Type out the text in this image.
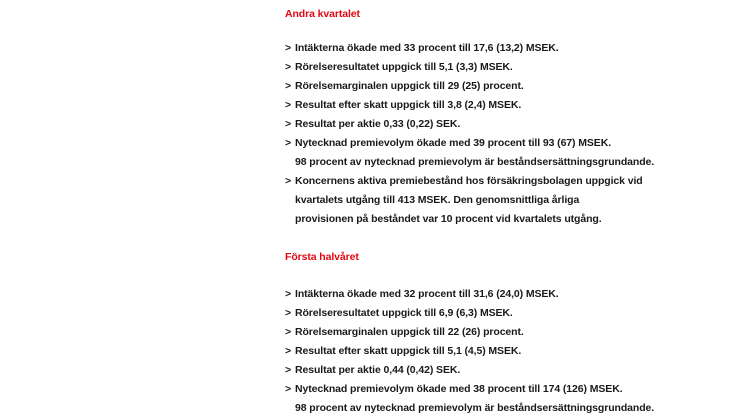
Andra kvartalet
> Intäkterna ökade med 33 procent till 17,6 (13,2) MSEK.
> Rörelseresultatet uppgick till 5,1 (3,3) MSEK.
> Rörelsemarginalen uppgick till 29 (25) procent.
> Resultat efter skatt uppgick till 3,8 (2,4) MSEK.
> Resultat per aktie 0,33 (0,22) SEK.
> Nytecknad premievolym ökade med 39 procent till 93 (67) MSEK.
98 procent av nytecknad premievolym är beståndsersättningsgrundande.
> Koncernens aktiva premiebestånd hos försäkringsbolagen uppgick vid
kvartalets utgång till 413 MSEK. Den genomsnittliga årliga
provisionen på beståndet var 10 procent vid kvartalets utgång.
Första halvåret
> Intäkterna ökade med 32 procent till 31,6 (24,0) MSEK.
> Rörelseresultatet uppgick till 6,9 (6,3) MSEK.
> Rörelsemarginalen uppgick till 22 (26) procent.
> Resultat efter skatt uppgick till 5,1 (4,5) MSEK.
> Resultat per aktie 0,44 (0,42) SEK.
> Nytecknad premievolym ökade med 38 procent till 174 (126) MSEK.
98 procent av nytecknad premievolym är beståndsersättningsgrundande.
